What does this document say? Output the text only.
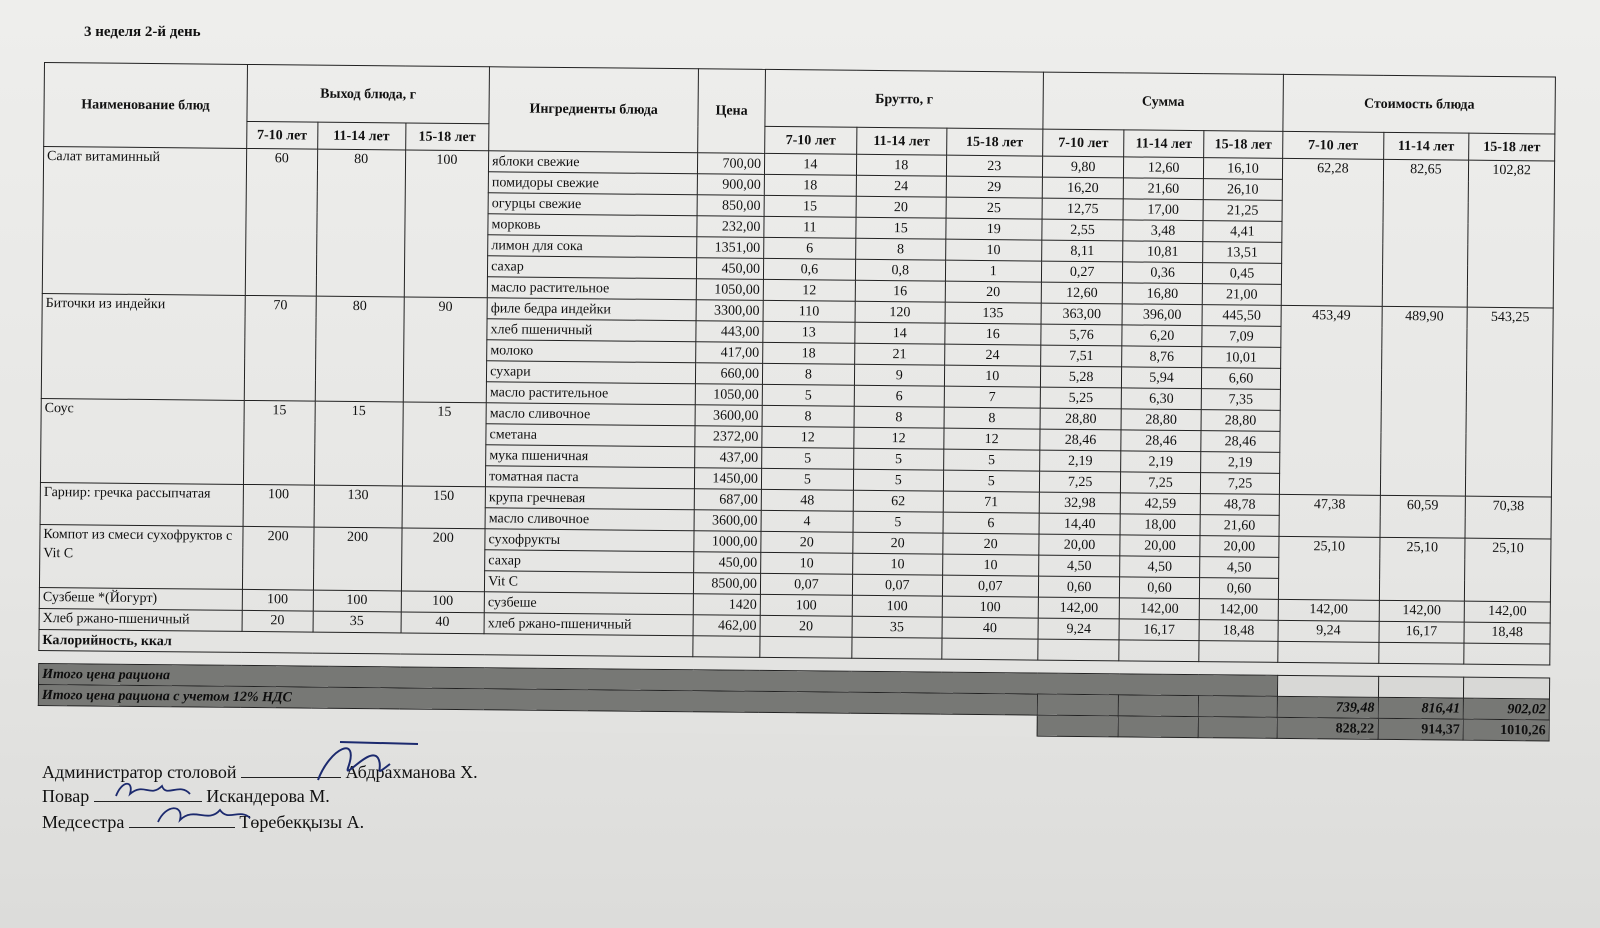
3 неделя 2-й день
Наименование блюд	Выход блюда, г			Ингредиенты блюда	Цена	Брутто, г			Сумма			Стоимость блюда		
	7-10 лет	11-14 лет	15-18 лет			7-10 лет	11-14 лет	15-18 лет	7-10 лет	11-14 лет	15-18 лет	7-10 лет	11-14 лет	15-18 лет
Салат витаминный	60	80	100	яблоки свежие	700,00	14	18	23	9,80	12,60	16,10	62,28	82,65	102,82
				помидоры свежие	900,00	18	24	29	16,20	21,60	26,10			
				огурцы свежие	850,00	15	20	25	12,75	17,00	21,25			
				морковь	232,00	11	15	19	2,55	3,48	4,41			
				лимон для сока	1351,00	6	8	10	8,11	10,81	13,51			
				сахар	450,00	0,6	0,8	1	0,27	0,36	0,45			
				масло растительное	1050,00	12	16	20	12,60	16,80	21,00			
Биточки из индейки	70	80	90	филе бедра индейки	3300,00	110	120	135	363,00	396,00	445,50	453,49	489,90	543,25
				хлеб пшеничный	443,00	13	14	16	5,76	6,20	7,09			
				молоко	417,00	18	21	24	7,51	8,76	10,01			
				сухари	660,00	8	9	10	5,28	5,94	6,60			
				масло растительное	1050,00	5	6	7	5,25	6,30	7,35			
Соус	15	15	15	масло сливочное	3600,00	8	8	8	28,80	28,80	28,80			
				сметана	2372,00	12	12	12	28,46	28,46	28,46			
				мука пшеничная	437,00	5	5	5	2,19	2,19	2,19			
				томатная паста	1450,00	5	5	5	7,25	7,25	7,25			
Гарнир: гречка рассыпчатая	100	130	150	крупа гречневая	687,00	48	62	71	32,98	42,59	48,78	47,38	60,59	70,38
				масло сливочное	3600,00	4	5	6	14,40	18,00	21,60			
Компот из смеси сухофруктов с Vit C	200	200	200	сухофрукты	1000,00	20	20	20	20,00	20,00	20,00	25,10	25,10	25,10
				сахар	450,00	10	10	10	4,50	4,50	4,50			
				Vit C	8500,00	0,07	0,07	0,07	0,60	0,60	0,60			
Сузбеше *(Йогурт)	100	100	100	сузбеше	1420	100	100	100	142,00	142,00	142,00	142,00	142,00	142,00
Хлеб ржано-пшеничный	20	35	40	хлеб ржано-пшеничный	462,00	20	35	40	9,24	16,17	18,48	9,24	16,17	18,48
Калорийность, ккал														

Итого цена рациона														
Итого цена рациона с учетом 12% НДС												739,48	816,41	902,02
												828,22	914,37	1010,26
Администратор столовой	Абдрахманова Х.
Повар	Искандерова М.
Медсестра	Төребекқызы А.
